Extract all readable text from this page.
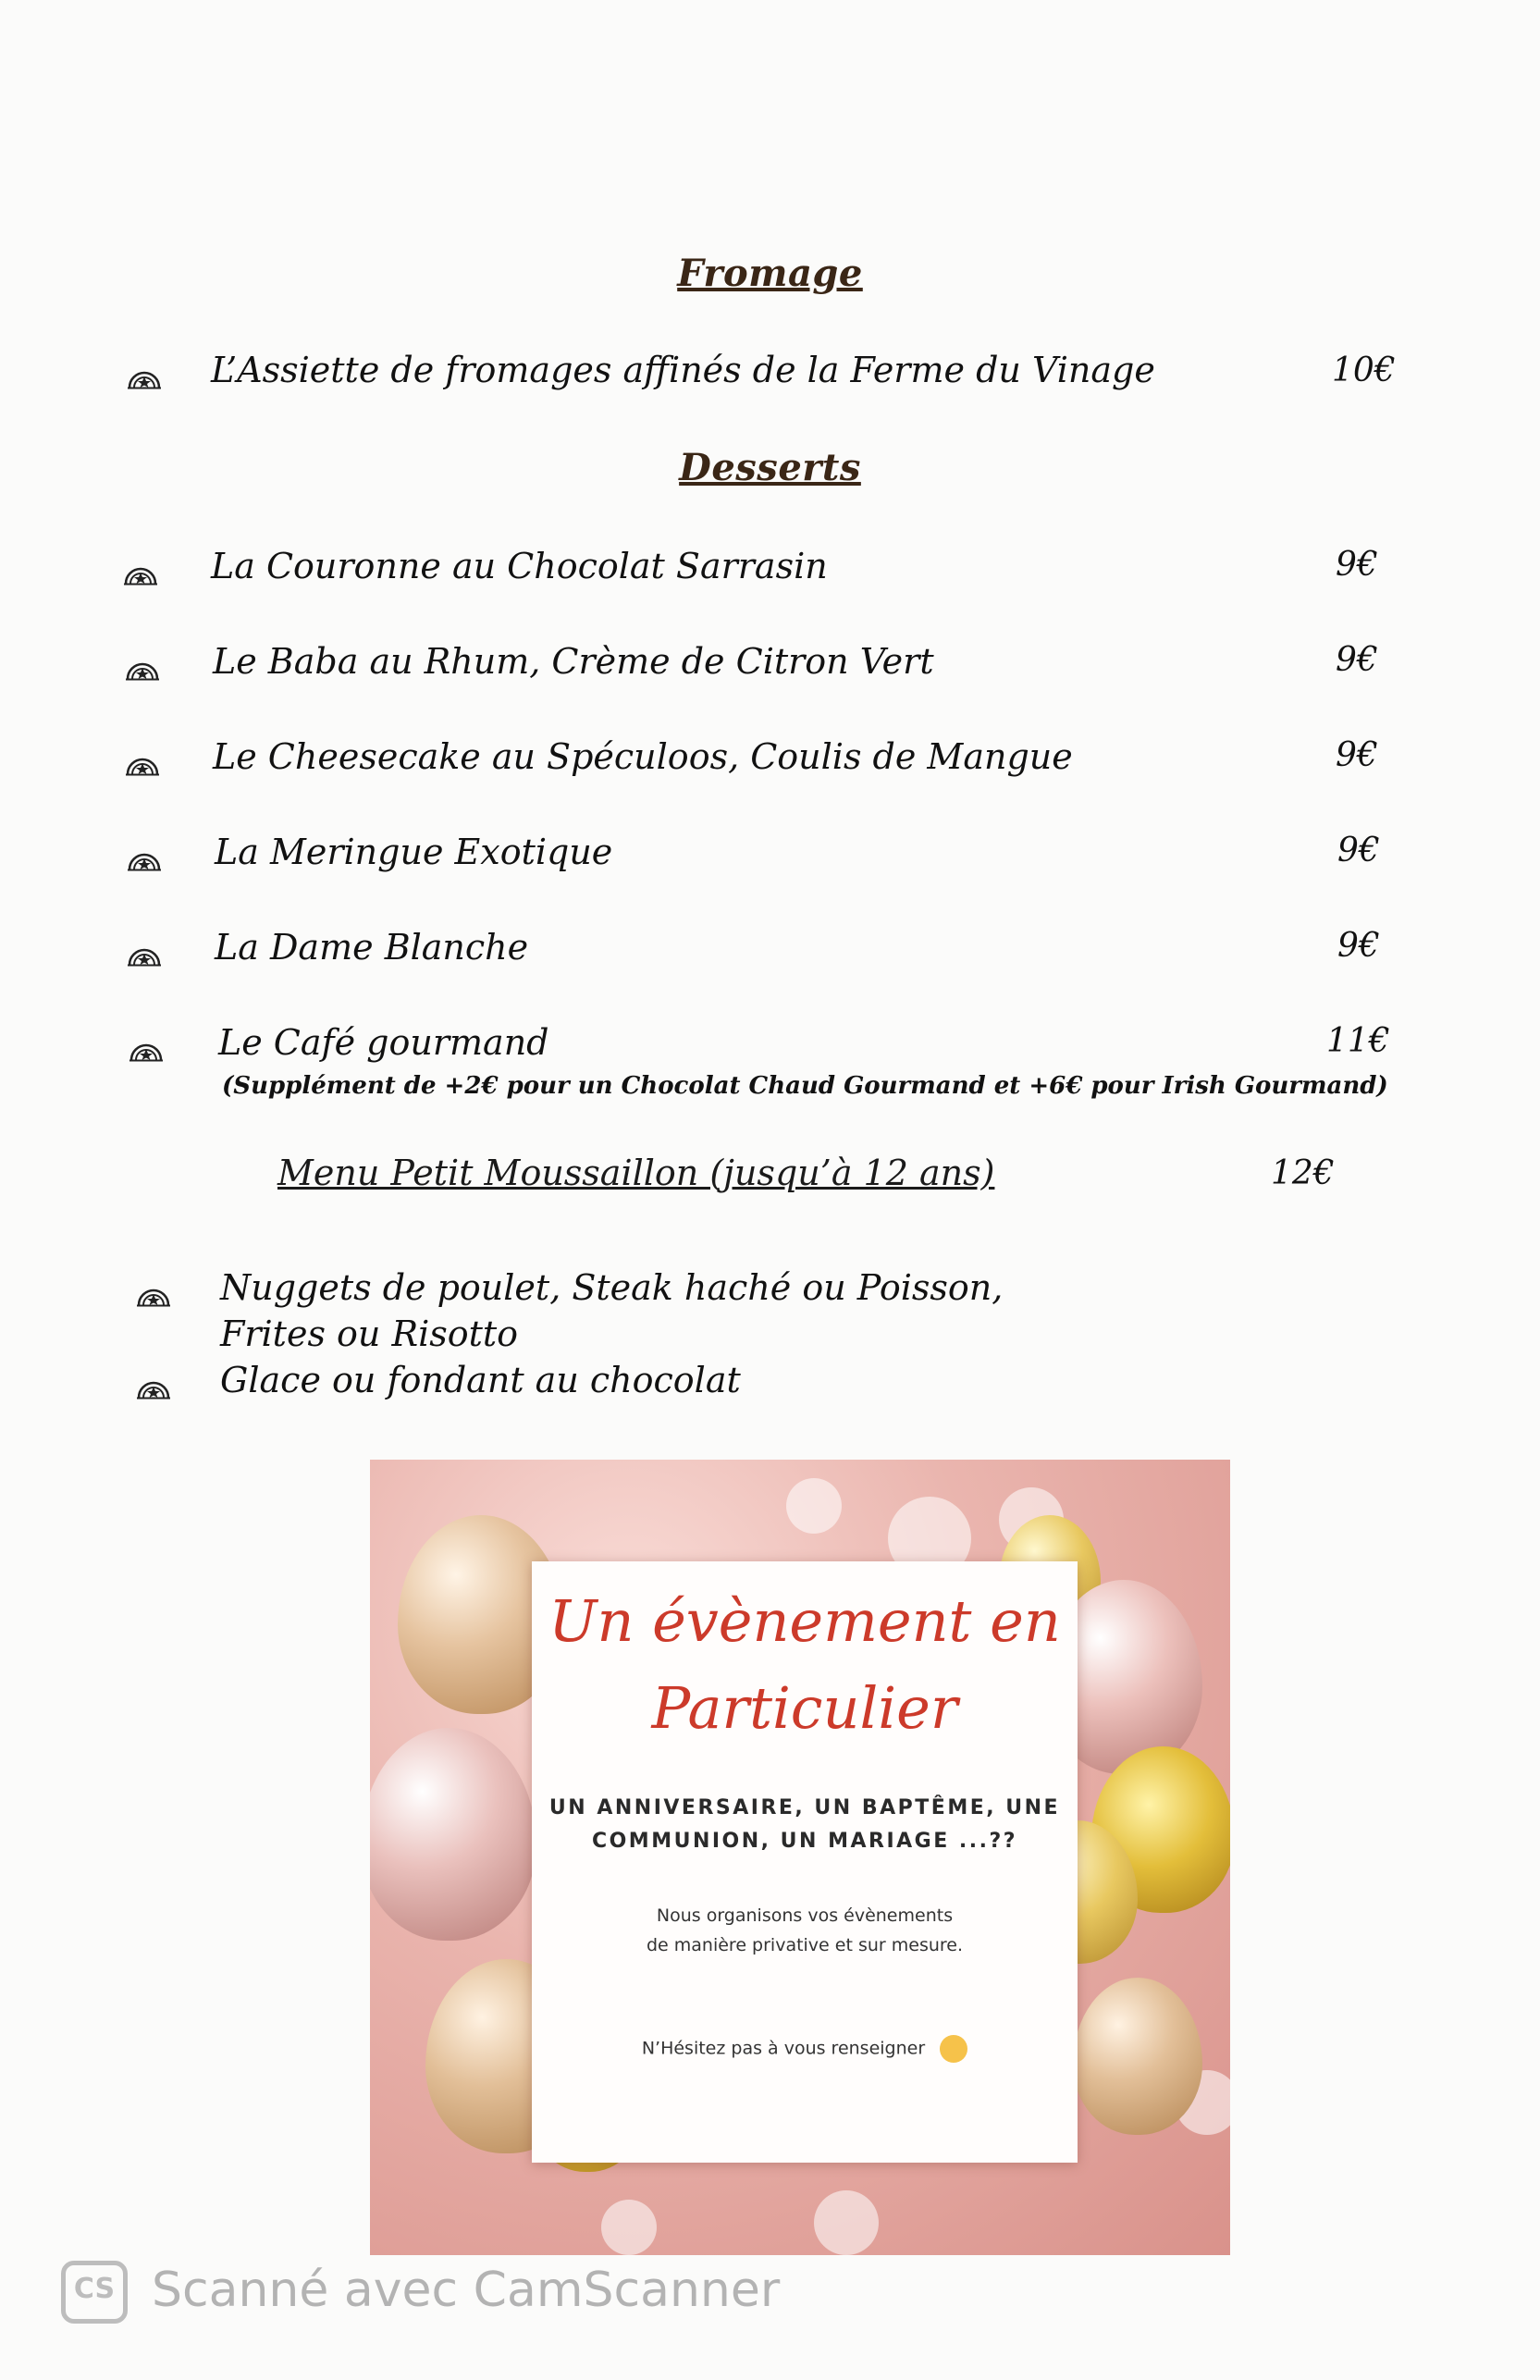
Fromage
L’Assiette de fromages affinés de la Ferme du Vinage	10€
Desserts
La Couronne au Chocolat Sarrasin	9€
Le Baba au Rhum, Crème de Citron Vert	9€
Le Cheesecake au Spéculoos, Coulis de Mangue	9€
La Meringue Exotique	9€
La Dame Blanche	9€
Le Café gourmand	11€
(Supplément de +2€ pour un Chocolat Chaud Gourmand et +6€ pour Irish Gourmand)
Menu Petit Moussaillon (jusqu’à 12 ans)	12€
Nuggets de poulet, Steak haché ou Poisson,
Frites ou Risotto
Glace ou fondant au chocolat
Un évènement en
Particulier
UN ANNIVERSAIRE, UN BAPTÊME, UNE
COMMUNION, UN MARIAGE ...??
Nous organisons vos évènements
de manière privative et sur mesure.
N’Hésitez pas à vous renseigner
CS Scanné avec CamScanner
